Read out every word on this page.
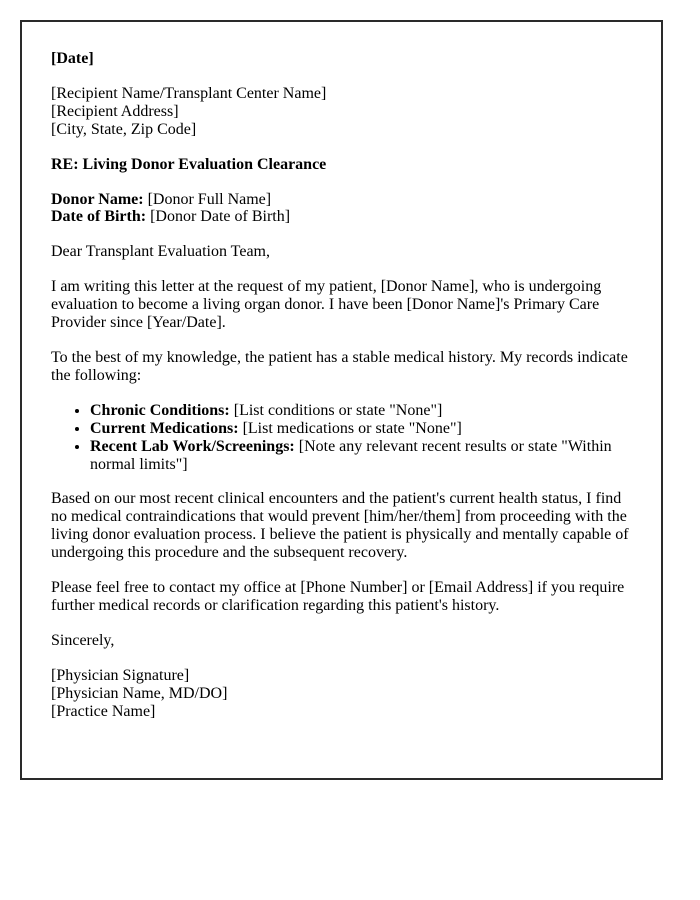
[Date]

[Recipient Name/Transplant Center Name]
[Recipient Address]
[City, State, Zip Code]

RE: Living Donor Evaluation Clearance

Donor Name: [Donor Full Name]
Date of Birth: [Donor Date of Birth]

Dear Transplant Evaluation Team,

I am writing this letter at the request of my patient, [Donor Name], who is undergoing evaluation to become a living organ donor. I have been [Donor Name]'s Primary Care Provider since [Year/Date].

To the best of my knowledge, the patient has a stable medical history. My records indicate the following:

• Chronic Conditions: [List conditions or state "None"]
• Current Medications: [List medications or state "None"]
• Recent Lab Work/Screenings: [Note any relevant recent results or state "Within normal limits"]

Based on our most recent clinical encounters and the patient's current health status, I find no medical contraindications that would prevent [him/her/them] from proceeding with the living donor evaluation process. I believe the patient is physically and mentally capable of undergoing this procedure and the subsequent recovery.

Please feel free to contact my office at [Phone Number] or [Email Address] if you require further medical records or clarification regarding this patient's history.

Sincerely,

[Physician Signature]
[Physician Name, MD/DO]
[Practice Name]
